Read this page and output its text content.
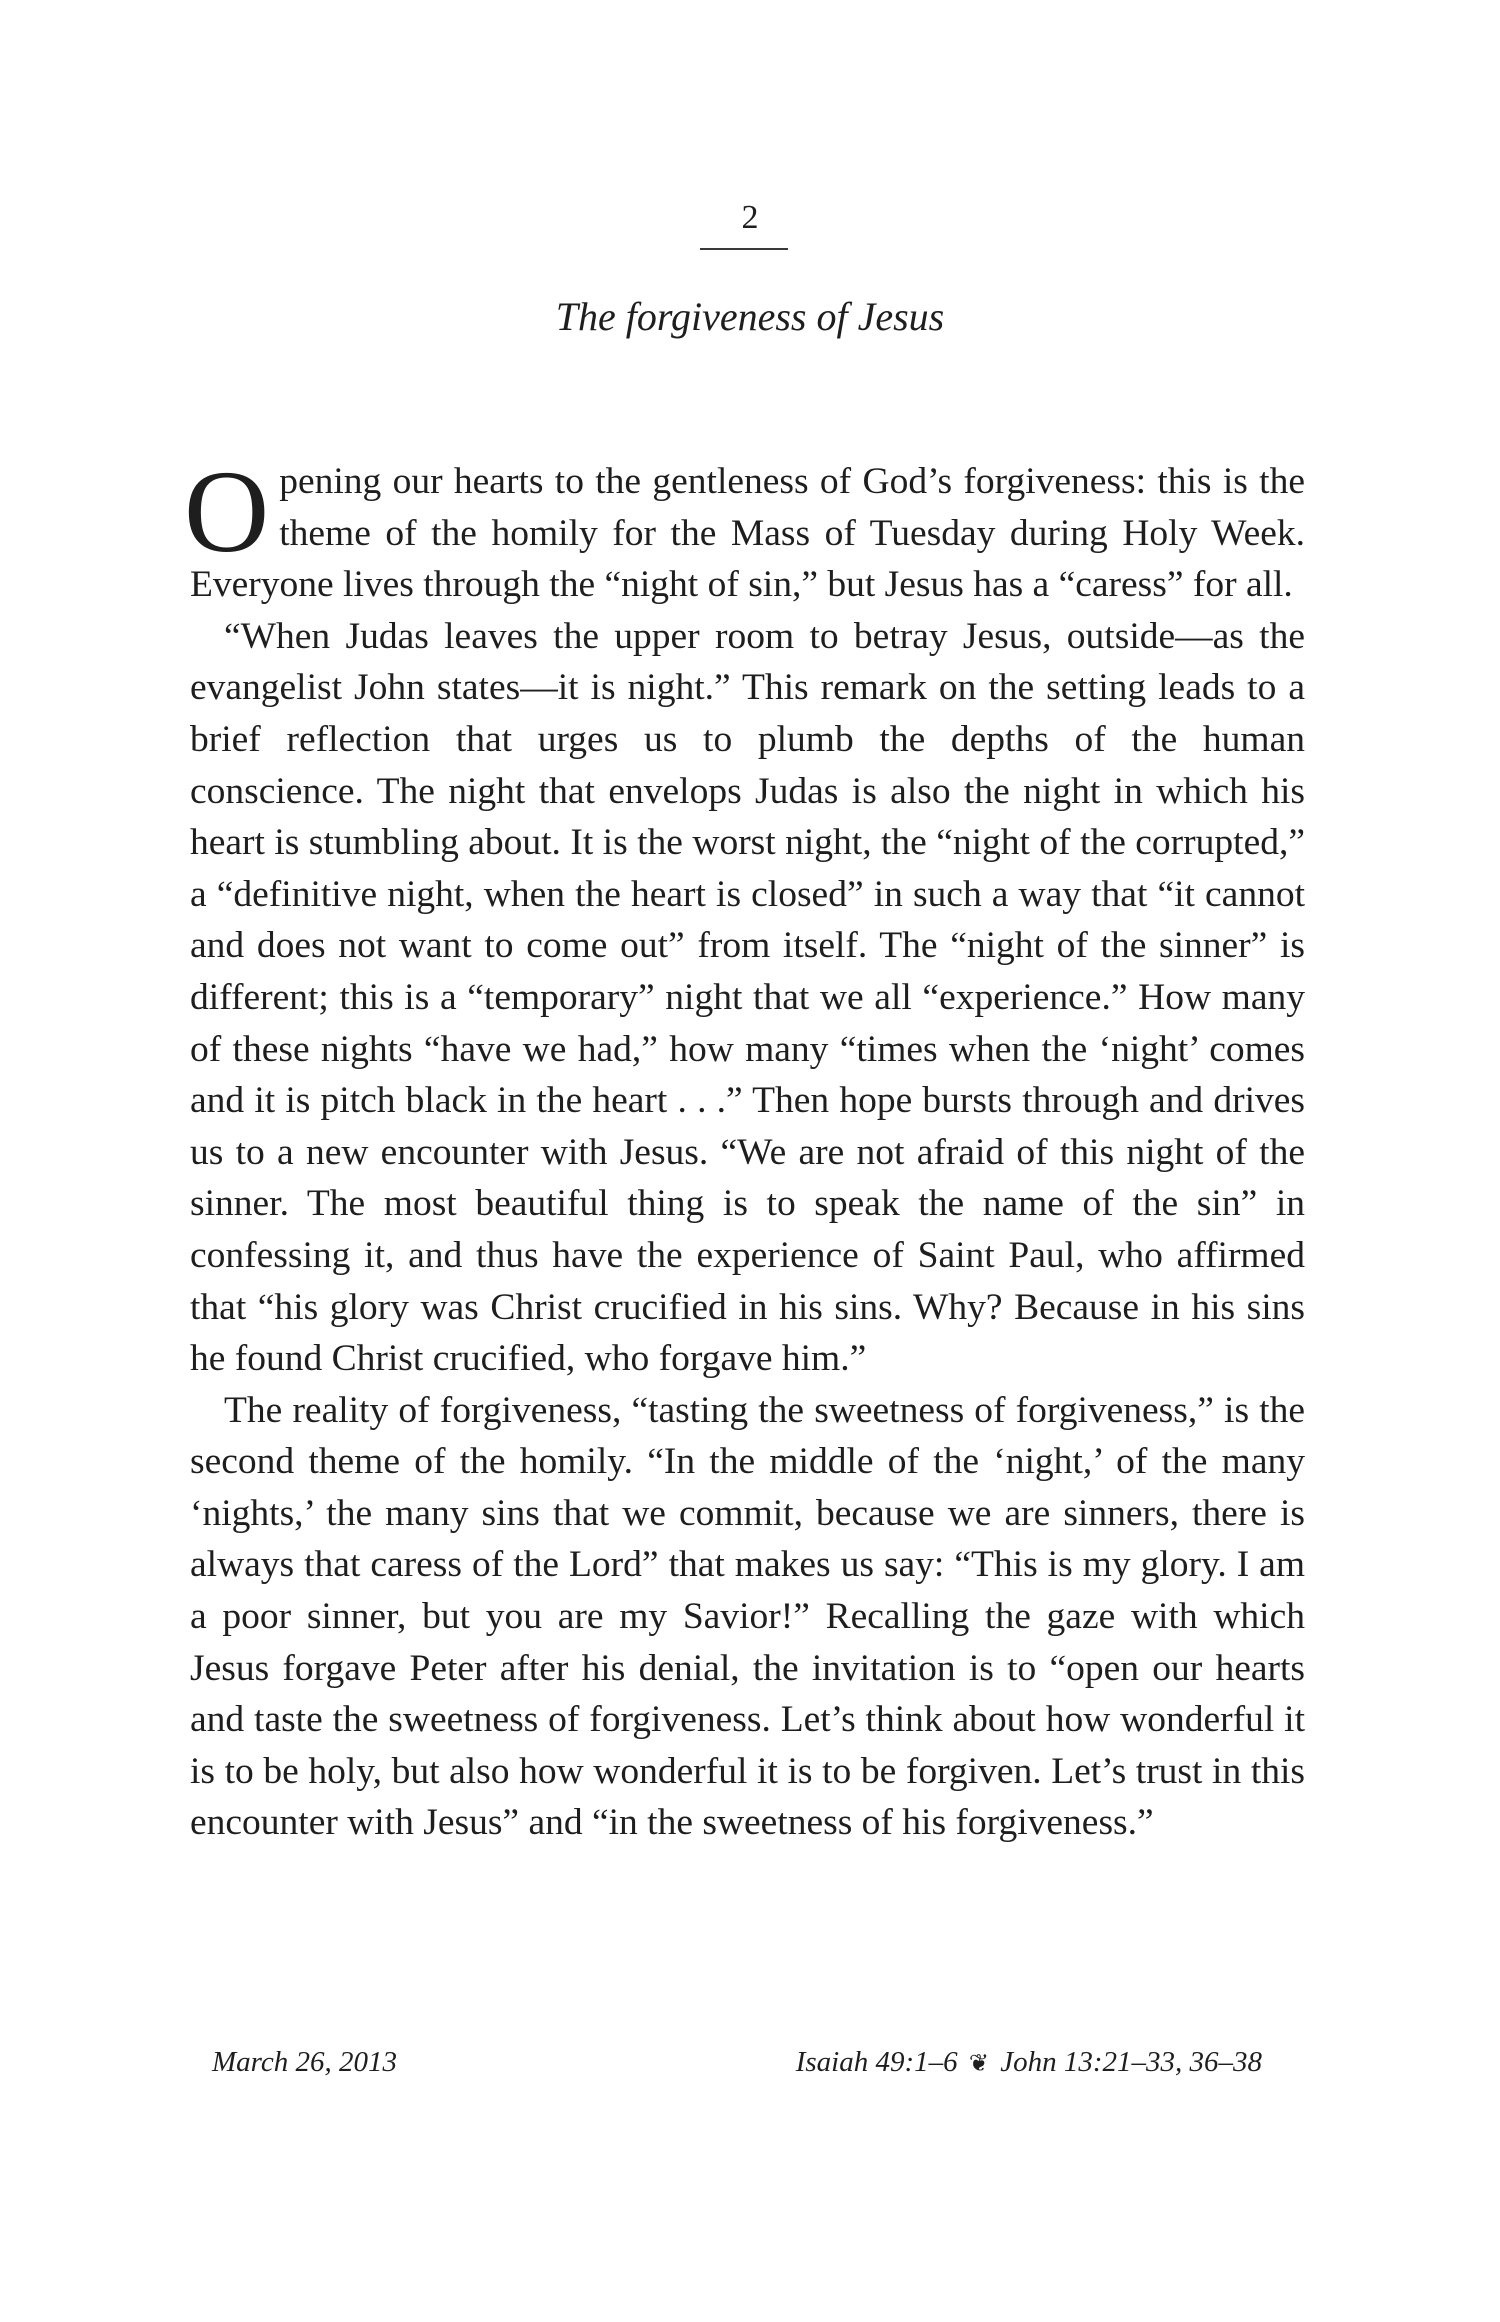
2
The forgiveness of Jesus

Opening our hearts to the gentleness of God’s forgiveness: this is the theme of the homily for the Mass of Tuesday during Holy Week. Everyone lives through the “night of sin,” but Jesus has a “caress” for all.

“When Judas leaves the upper room to betray Jesus, outside—as the evangelist John states—it is night.” This remark on the setting leads to a brief reflection that urges us to plumb the depths of the human conscience. The night that envelops Judas is also the night in which his heart is stumbling about. It is the worst night, the “night of the corrupted,” a “definitive night, when the heart is closed” in such a way that “it cannot and does not want to come out” from itself. The “night of the sinner” is different; this is a “temporary” night that we all “experience.” How many of these nights “have we had,” how many “times when the ‘night’ comes and it is pitch black in the heart . . .” Then hope bursts through and drives us to a new encounter with Jesus. “We are not afraid of this night of the sinner. The most beautiful thing is to speak the name of the sin” in confessing it, and thus have the experience of Saint Paul, who affirmed that “his glory was Christ crucified in his sins. Why? Because in his sins he found Christ crucified, who forgave him.”

The reality of forgiveness, “tasting the sweetness of forgiveness,” is the second theme of the homily. “In the middle of the ‘night,’ of the many ‘nights,’ the many sins that we commit, because we are sinners, there is always that caress of the Lord” that makes us say: “This is my glory. I am a poor sinner, but you are my Savior!” Recalling the gaze with which Jesus forgave Peter after his denial, the invitation is to “open our hearts and taste the sweetness of forgiveness. Let’s think about how wonderful it is to be holy, but also how wonderful it is to be forgiven. Let’s trust in this encounter with Jesus” and “in the sweetness of his forgiveness.”

March 26, 2013	Isaiah 49:1–6 ❦ John 13:21–33, 36–38
